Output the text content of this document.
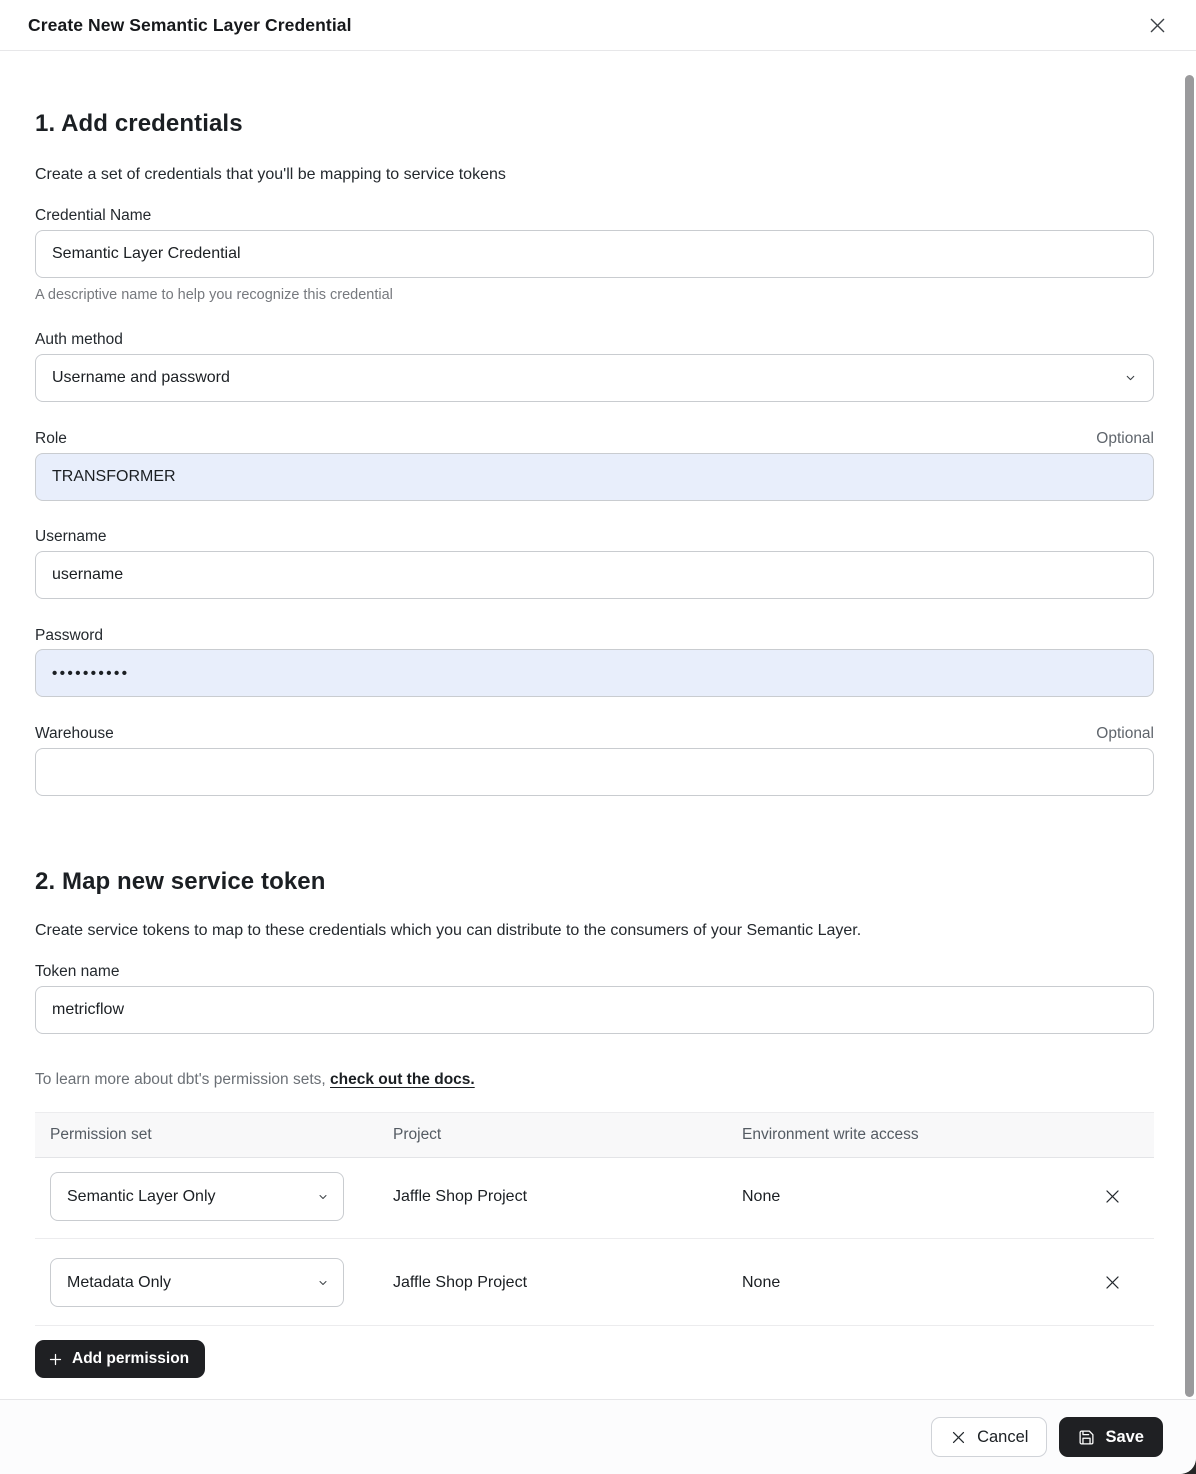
Create New Semantic Layer Credential
1. Add credentials

Create a set of credentials that you'll be mapping to service tokens

Credential Name
Semantic Layer Credential

A descriptive name to help you recognize this credential

Auth method
Username and password
Role	Optional
TRANSFORMER
Username
username
Password
••••••••••
Warehouse	Optional
2. Map new service token

Create service tokens to map to these credentials which you can distribute to the consumers of your Semantic Layer.

Token name
metricflow

To learn more about dbt's permission sets, check out the docs.

Permission set	Project	Environment write access
Semantic Layer Only	Jaffle Shop Project	None
Metadata Only	Jaffle Shop Project	None
Add permission
Cancel	Save
